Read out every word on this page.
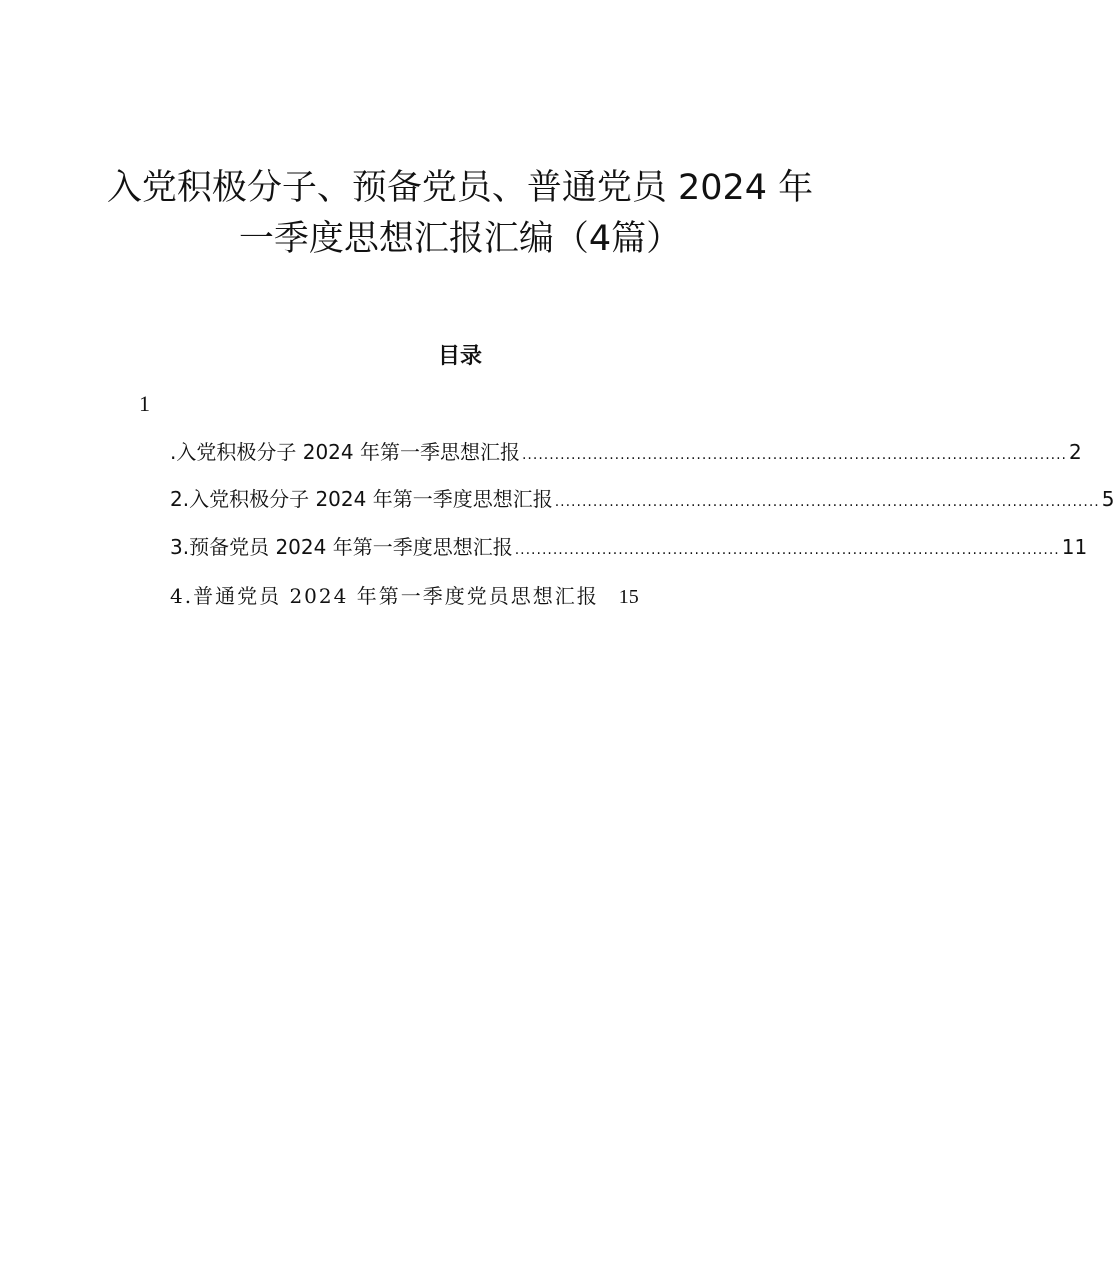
入党积极分子、预备党员、普通党员 2024 年
一季度思想汇报汇编（4篇）
目录
1
.入党积极分子 2024 年第一季思想汇报 .................................................................................................... 2
2.入党积极分子 2024 年第一季度思想汇报 .................................................................................................... 5
3.预备党员 2024 年第一季度思想汇报 .................................................................................................... 11
4.普通党员 2024 年第一季度党员思想汇报 15
